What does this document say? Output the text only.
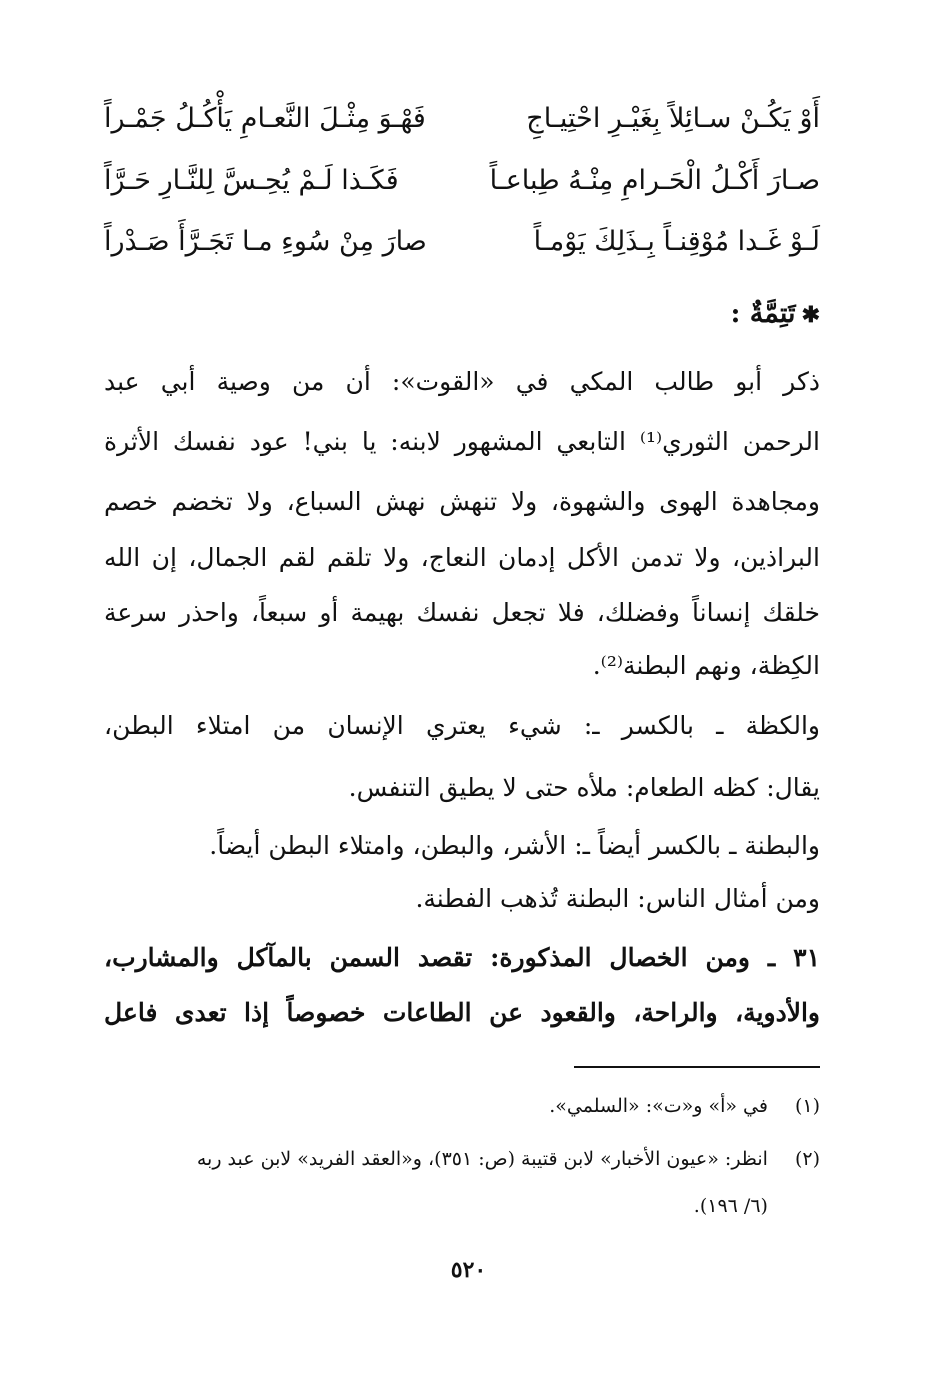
أَوْ يَكُـنْ سـائِلاً بِغَيْـرِ احْتِيـاجِ
فَهْـوَ مِثْـلَ النَّعـامِ يَأْكُـلُ جَمْـراً
صـارَ أَكْـلُ الْحَـرامِ مِنْـهُ طِباعـاً
فَكَـذا لَـمْ يُحِـسَّ لِلنَّـارِ حَـرَّاً
لَـوْ غَـدا مُوْقِنـاً بِـذَلِكَ يَوْمـاً
صارَ مِنْ سُوءِ مـا تَجَـرَّأَ صَـدْراً
✱تَتِمَّةٌ :
ذكر أبو طالب المكي في «القوت»: أن من وصية أبي عبد
الرحمن الثوري⁽¹⁾ التابعي المشهور لابنه: يا بني! عود نفسك الأثرة
ومجاهدة الهوى والشهوة، ولا تنهش نهش السباع، ولا تخضم خصم
البراذين، ولا تدمن الأكل إدمان النعاج، ولا تلقم لقم الجمال، إن الله
خلقك إنساناً وفضلك، فلا تجعل نفسك بهيمة أو سبعاً، واحذر سرعة
الكِظة، ونهم البطنة⁽²⁾.
والكظة ـ بالكسر ـ: شيء يعتري الإنسان من امتلاء البطن،
يقال: كظه الطعام: ملأه حتى لا يطيق التنفس.
والبطنة ـ بالكسر أيضاً ـ: الأشر، والبطن، وامتلاء البطن أيضاً.
ومن أمثال الناس: البطنة تُذهب الفطنة.
٣١ ـ ومن الخصال المذكورة: تقصد السمن بالمآكل والمشارب،
والأدوية، والراحة، والقعود عن الطاعات خصوصاً إذا تعدى فاعل
(١) في «أ» و«ت»: «السلمي».
(٢) انظر: «عيون الأخبار» لابن قتيبة (ص: ٣٥١)، و«العقد الفريد» لابن عبد ربه
(٦/ ١٩٦).
٥٢٠
